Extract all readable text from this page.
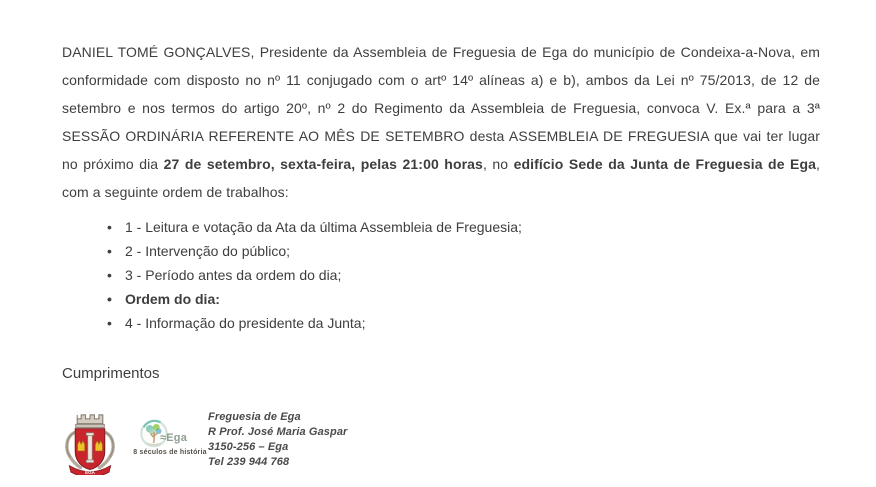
DANIEL TOMÉ GONÇALVES, Presidente da Assembleia de Freguesia de Ega do município de Condeixa-a-Nova, em conformidade com disposto no nº 11 conjugado com o artº 14º alíneas a) e b), ambos da Lei nº 75/2013, de 12 de setembro e nos termos do artigo 20º, nº 2 do Regimento da Assembleia de Freguesia, convoca V. Ex.ª para a 3ª SESSÃO ORDINÁRIA REFERENTE AO MÊS DE SETEMBRO desta ASSEMBLEIA DE FREGUESIA que vai ter lugar no próximo dia 27 de setembro, sexta-feira, pelas 21:00 horas, no edifício Sede da Junta de Freguesia de Ega, com a seguinte ordem de trabalhos:

• 1 - Leitura e votação da Ata da última Assembleia de Freguesia;
• 2 - Intervenção do público;
• 3 - Período antes da ordem do dia;
• Ordem do dia:
• 4 - Informação do presidente da Junta;

Cumprimentos

EGA
≈Ega
8 séculos de história
Freguesia de Ega
R Prof. José Maria Gaspar
3150-256 – Ega
Tel 239 944 768
